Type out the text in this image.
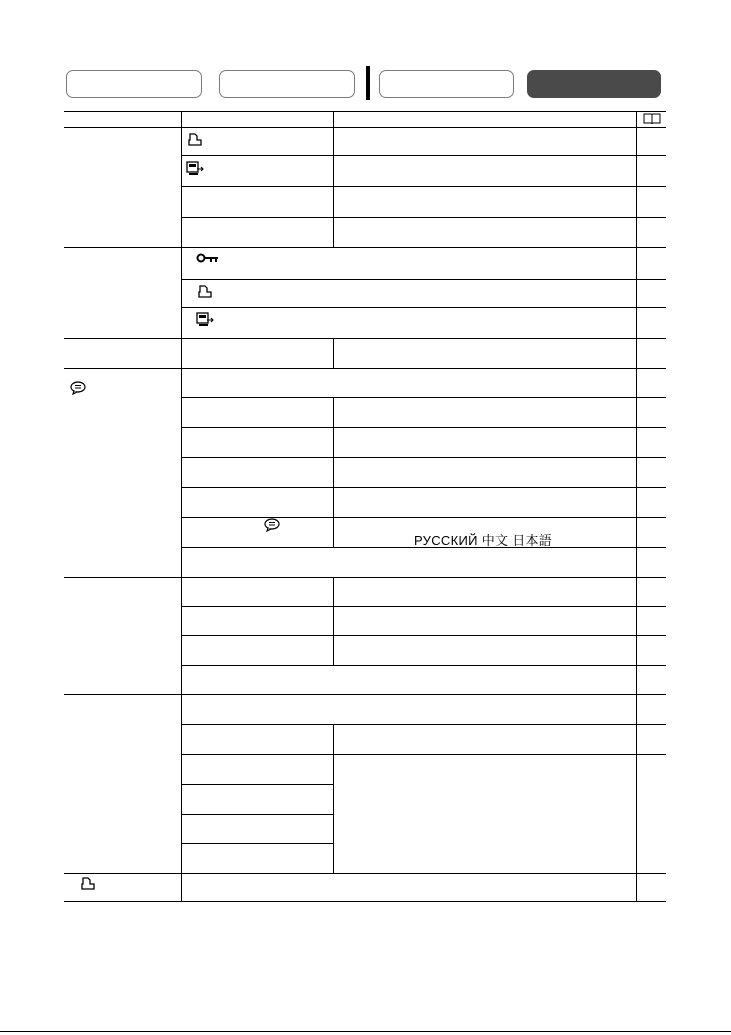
РУССКИЙ 中文 日本語
